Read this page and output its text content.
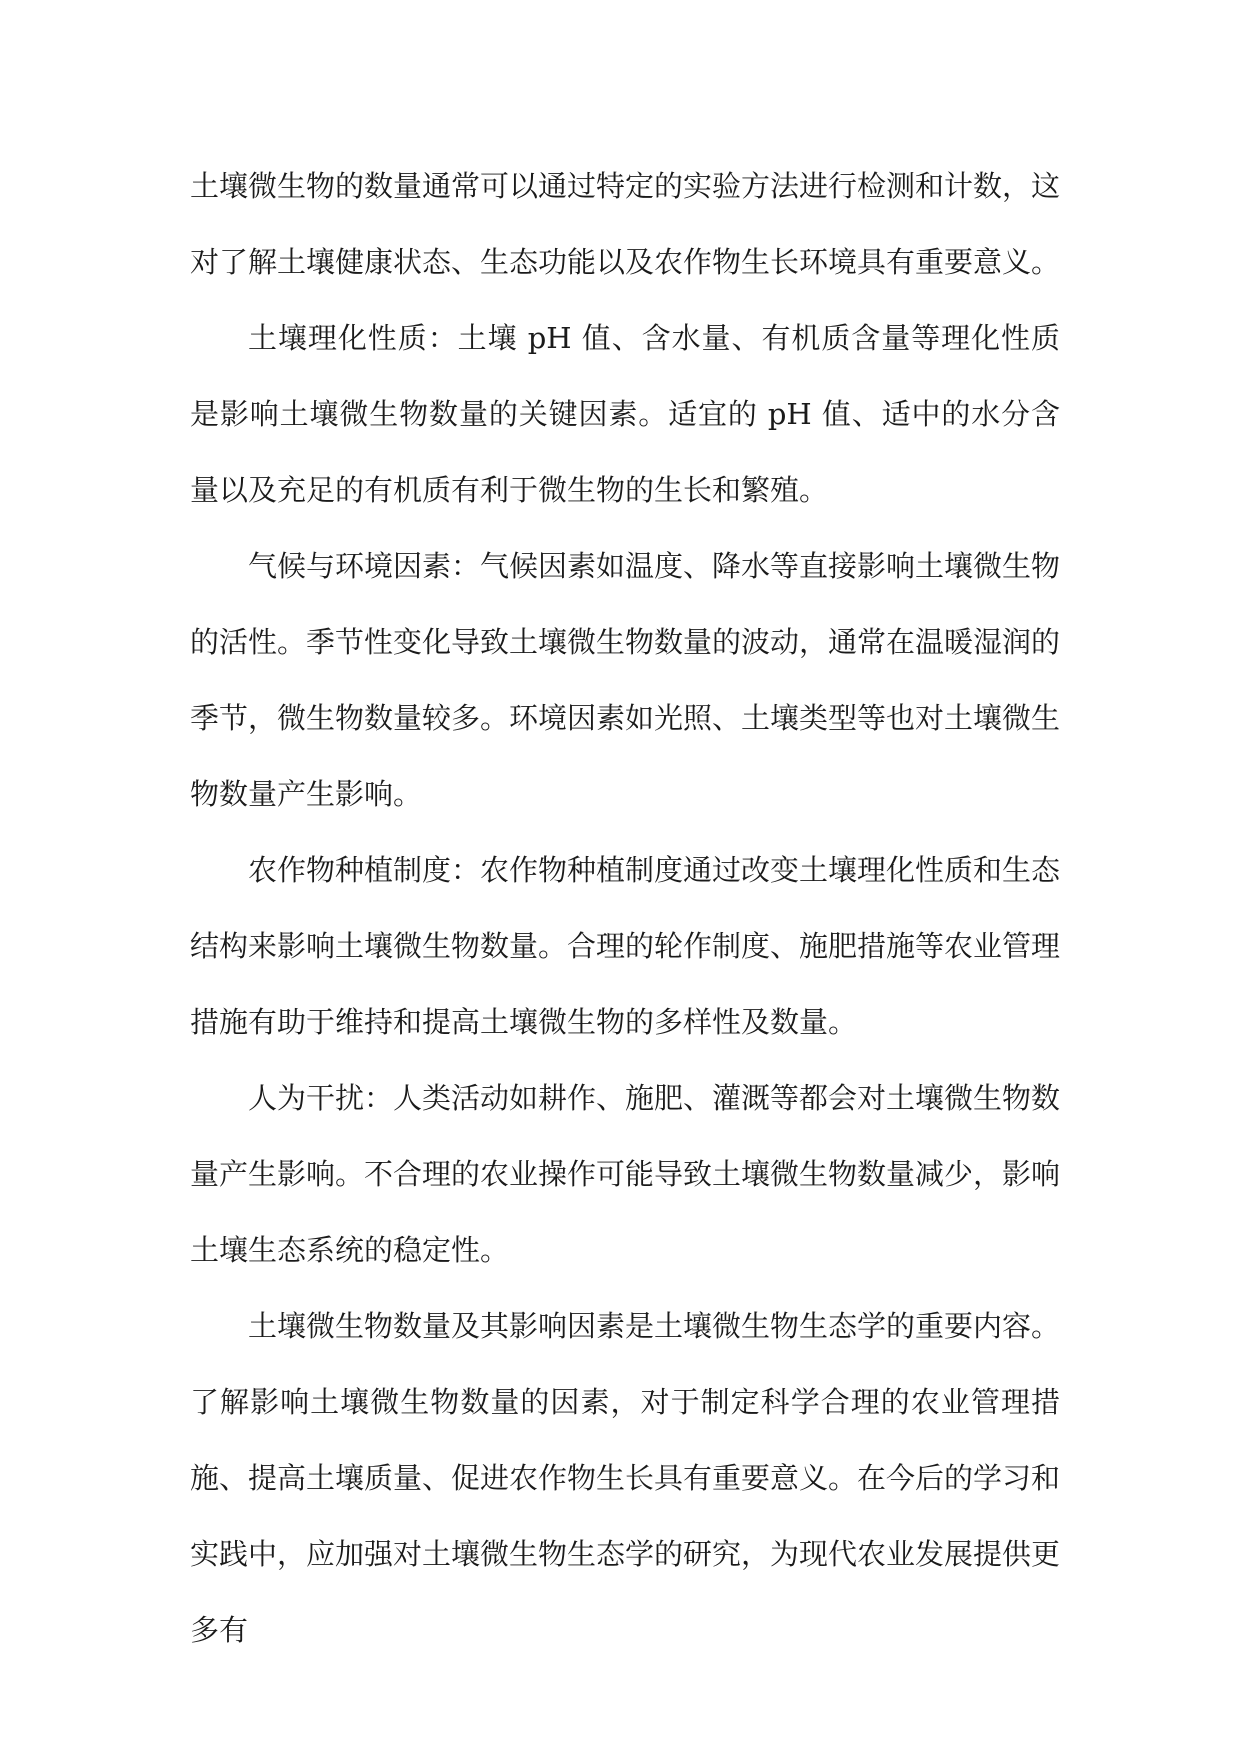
土壤微生物的数量通常可以通过特定的实验方法进行检测和计数，这对了解土壤健康状态、生态功能以及农作物生长环境具有重要意义。

土壤理化性质：土壤 pH 值、含水量、有机质含量等理化性质是影响土壤微生物数量的关键因素。适宜的 pH 值、适中的水分含量以及充足的有机质有利于微生物的生长和繁殖。

气候与环境因素：气候因素如温度、降水等直接影响土壤微生物的活性。季节性变化导致土壤微生物数量的波动，通常在温暖湿润的季节，微生物数量较多。环境因素如光照、土壤类型等也对土壤微生物数量产生影响。

农作物种植制度：农作物种植制度通过改变土壤理化性质和生态结构来影响土壤微生物数量。合理的轮作制度、施肥措施等农业管理措施有助于维持和提高土壤微生物的多样性及数量。

人为干扰：人类活动如耕作、施肥、灌溉等都会对土壤微生物数量产生影响。不合理的农业操作可能导致土壤微生物数量减少，影响土壤生态系统的稳定性。

土壤微生物数量及其影响因素是土壤微生物生态学的重要内容。了解影响土壤微生物数量的因素，对于制定科学合理的农业管理措施、提高土壤质量、促进农作物生长具有重要意义。在今后的学习和实践中，应加强对土壤微生物生态学的研究，为现代农业发展提供更多有
